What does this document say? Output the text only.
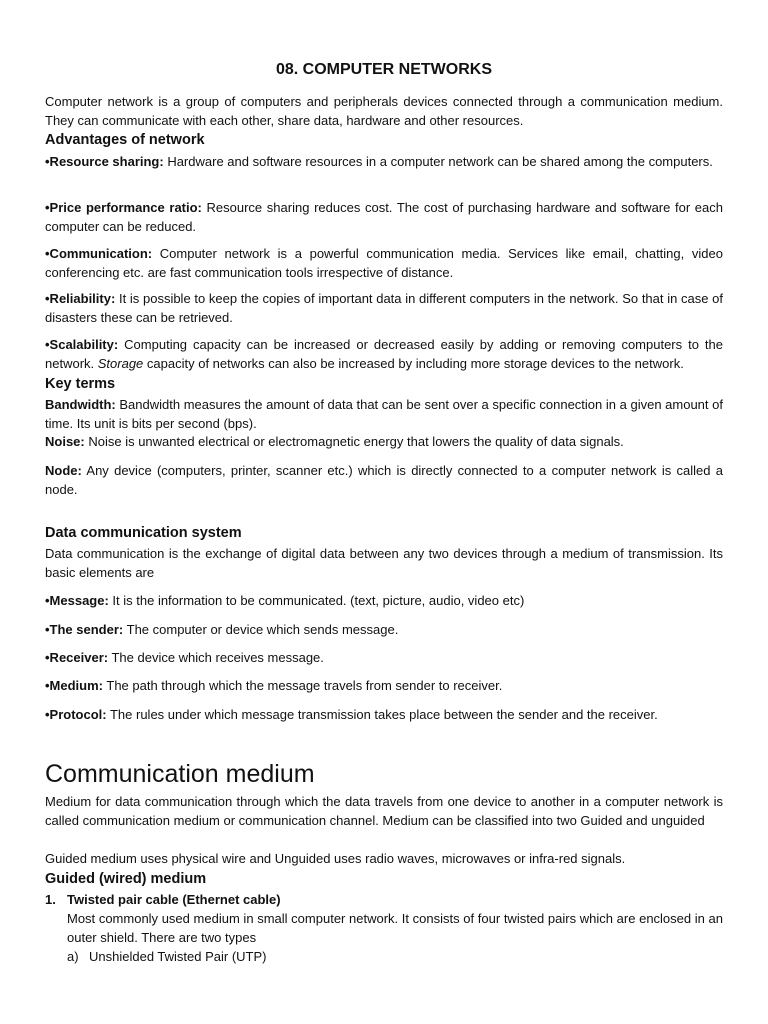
08. COMPUTER NETWORKS
Computer network is a group of computers and peripherals devices connected through a communication medium. They can communicate with each other, share data, hardware and other resources.
Advantages of network
•Resource sharing: Hardware and software resources in a computer network can be shared among the computers.
•Price performance ratio: Resource sharing reduces cost. The cost of purchasing hardware and software for each computer can be reduced.
•Communication: Computer network is a powerful communication media. Services like email, chatting, video conferencing etc. are fast communication tools irrespective of distance.
•Reliability: It is possible to keep the copies of important data in different computers in the network. So that in case of disasters these can be retrieved.
•Scalability: Computing capacity can be increased or decreased easily by adding or removing computers to the network. Storage capacity of networks can also be increased by including more storage devices to the network.
Key terms
Bandwidth: Bandwidth measures the amount of data that can be sent over a specific connection in a given amount of time. Its unit is bits per second (bps).
Noise: Noise is unwanted electrical or electromagnetic energy that lowers the quality of data signals.
Node: Any device (computers, printer, scanner etc.) which is directly connected to a computer network is called a node.
Data communication system
Data communication is the exchange of digital data between any two devices through a medium of transmission. Its basic elements are
•Message: It is the information to be communicated. (text, picture, audio, video etc)
•The sender: The computer or device which sends message.
•Receiver: The device which receives message.
•Medium: The path through which the message travels from sender to receiver.
•Protocol: The rules under which message transmission takes place between the sender and the receiver.
Communication medium
Medium for data communication through which the data travels from one device to another in a computer network is called communication medium or communication channel. Medium can be classified into two Guided and unguided
Guided medium uses physical wire and Unguided uses radio waves, microwaves or infra-red signals.
Guided (wired) medium
1. Twisted pair cable (Ethernet cable)
Most commonly used medium in small computer network. It consists of four twisted pairs which are enclosed in an outer shield. There are two types
a) Unshielded Twisted Pair (UTP)
